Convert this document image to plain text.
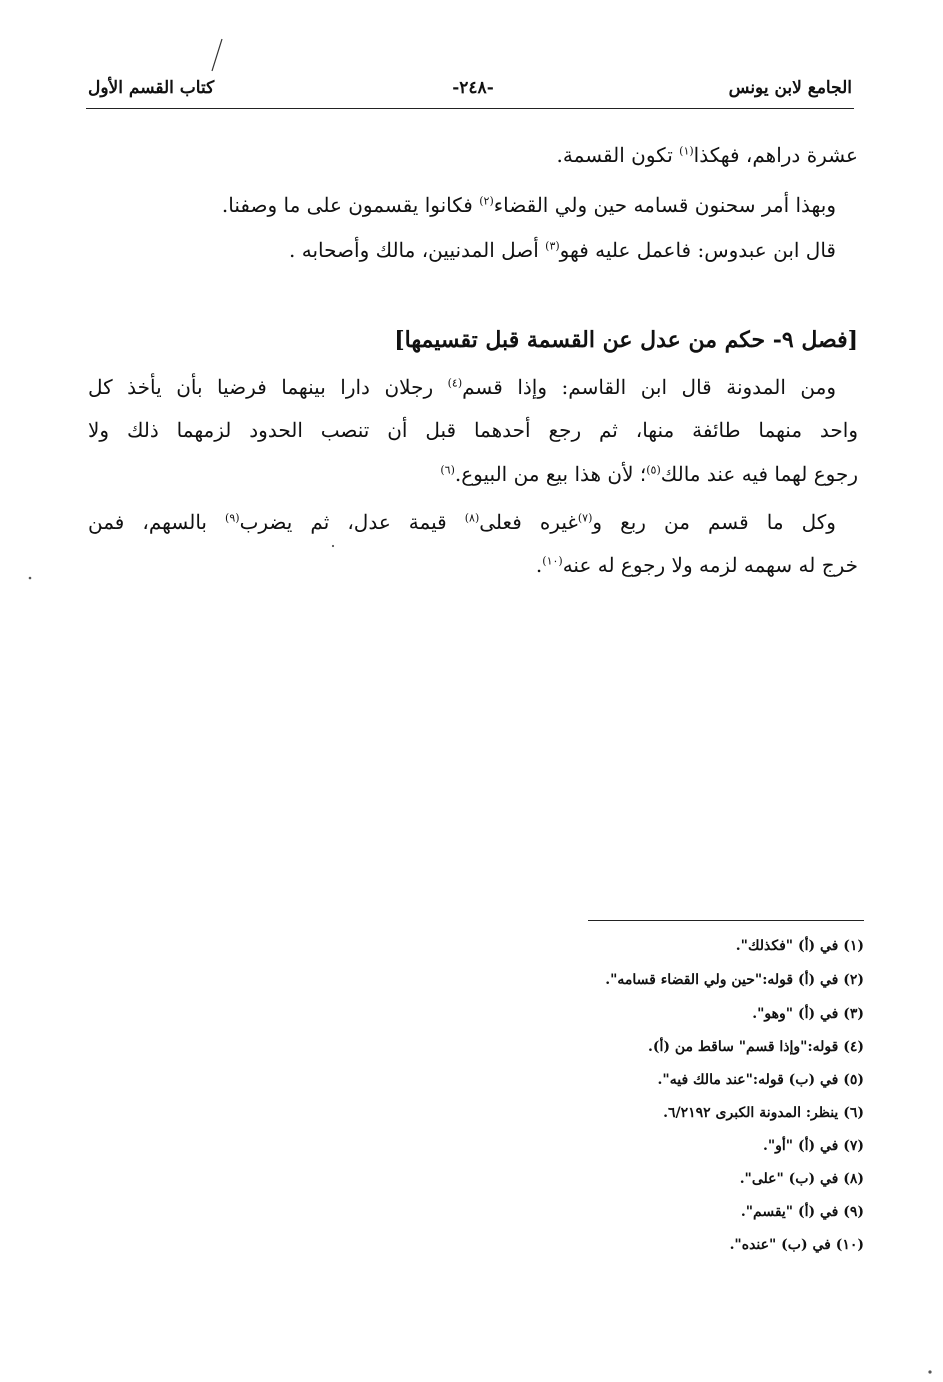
الجامع لابن يونس
-٢٤٨-
كتاب القسم الأول
عشرة دراهم، فهكذا$^{(١)}$ تكون القسمة.
وبهذا أمر سحنون قسامه حين ولي القضاء$^{(٢)}$ فكانوا يقسمون على ما وصفنا.
قال ابن عبدوس: فاعمل عليه فهو$^{(٣)}$ أصل المدنيين، مالك وأصحابه .
[فصل ٩- حكم من عدل عن القسمة قبل تقسيمها]
ومن المدونة قال ابن القاسم: وإذا قسم$^{(٤)}$ رجلان دارا بينهما فرضيا بأن يأخذ كل
واحد منهما طائفة منها، ثم رجع أحدهما قبل أن تنصب الحدود لزمهما ذلك ولا
رجوع لهما فيه عند مالك$^{(٥)}$؛ لأن هذا بيع من البيوع.$^{(٦)}$
وكل ما قسم من ربع و$^{(٧)}$غيره فعلى$^{(٨)}$ قيمة عدل، ثم يضرب$^{(٩)}$ بالسهم، فمن
خرج له سهمه لزمه ولا رجوع له عنه$^{(١٠)}$.
(١) في (أ) "فكذلك".
(٢) في (أ) قوله:"حين ولي القضاء قسامه".
(٣) في (أ) "وهو".
(٤) قوله:"وإذا قسم" ساقط من (أ).
(٥) في (ب) قوله:"عند مالك فيه".
(٦) ينظر: المدونة الكبرى ٦/٢١٩٢.
(٧) في (أ) "أو".
(٨) في (ب) "على".
(٩) في (أ) "يقسم".
(١٠) في (ب) "عنده".
